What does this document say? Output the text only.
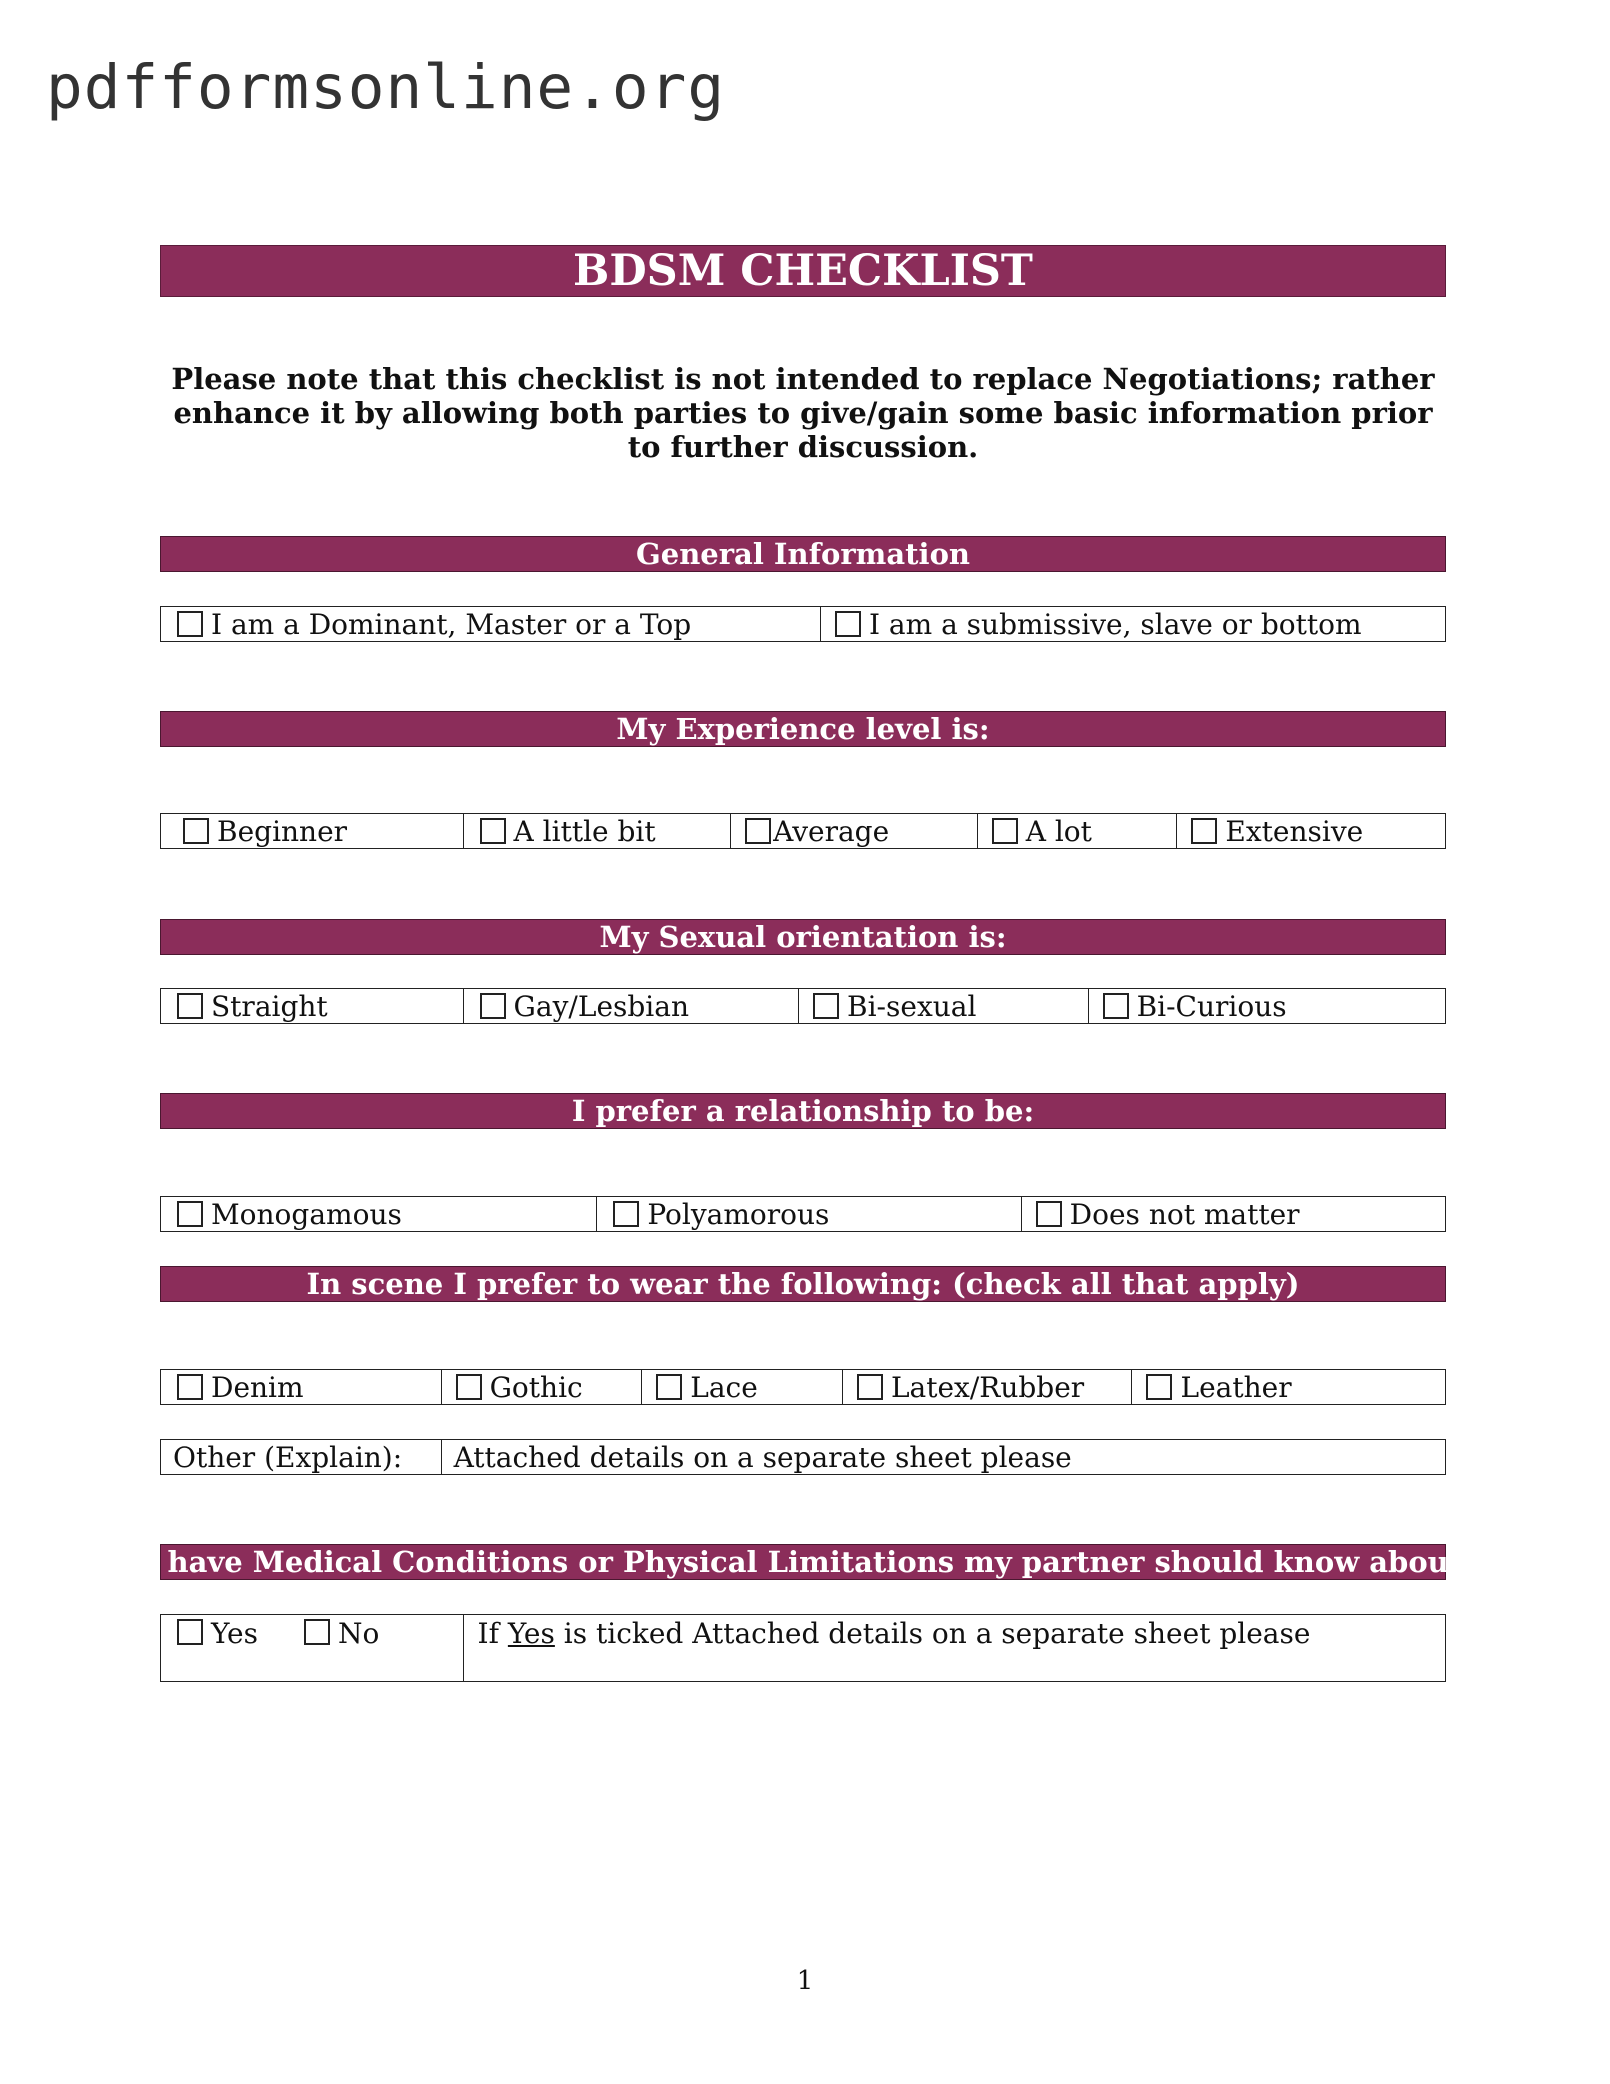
pdfformsonline.org
BDSM CHECKLIST
Please note that this checklist is not intended to replace Negotiations; rather enhance it by allowing both parties to give/gain some basic information prior to further discussion.
General Information
I am a Dominant, Master or a Top	I am a submissive, slave or bottom
My Experience level is:
Beginner	A little bit	Average	A lot	Extensive
My Sexual orientation is:
Straight	Gay/Lesbian	Bi-sexual	Bi-Curious
I prefer a relationship to be:
Monogamous	Polyamorous	Does not matter
In scene I prefer to wear the following: (check all that apply)
Denim	Gothic	Lace	Latex/Rubber	Leather
Other (Explain):	Attached details on a separate sheet please
I have Medical Conditions or Physical Limitations my partner should know about
Yes	No	If Yes is ticked Attached details on a separate sheet please
1
